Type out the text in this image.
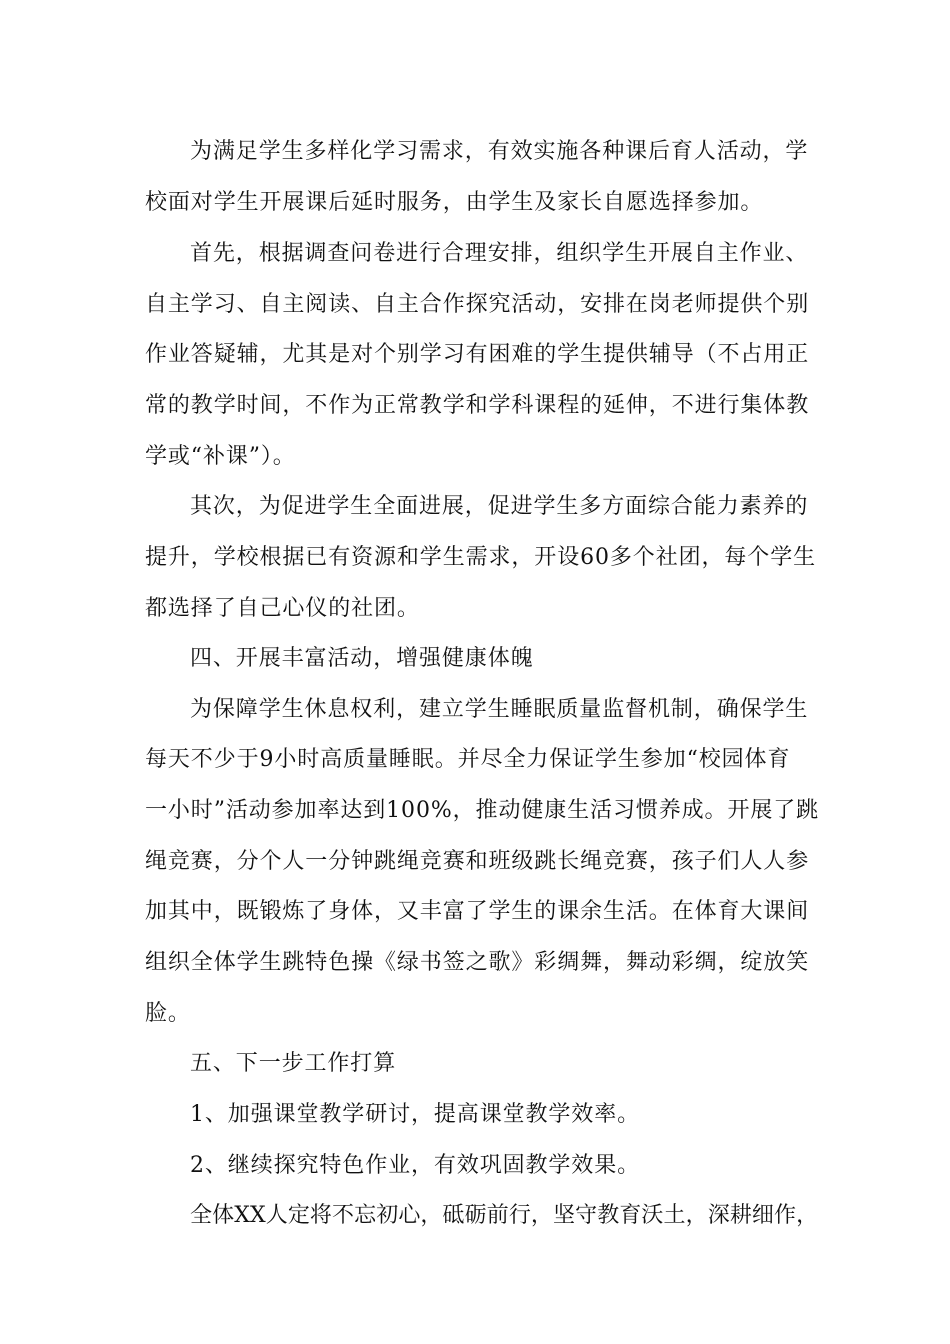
为满足学生多样化学习需求，有效实施各种课后育人活动，学
校面对学生开展课后延时服务，由学生及家长自愿选择参加。
首先，根据调查问卷进行合理安排，组织学生开展自主作业、
自主学习、自主阅读、自主合作探究活动，安排在岗老师提供个别
作业答疑辅，尤其是对个别学习有困难的学生提供辅导（不占用正
常的教学时间，不作为正常教学和学科课程的延伸，不进行集体教
学或“补课”）。
其次，为促进学生全面进展，促进学生多方面综合能力素养的
提升，学校根据已有资源和学生需求，开设60多个社团，每个学生
都选择了自己心仪的社团。
四、开展丰富活动，增强健康体魄
为保障学生休息权利，建立学生睡眠质量监督机制，确保学生
每天不少于9小时高质量睡眠。并尽全力保证学生参加“校园体育
一小时”活动参加率达到100%，推动健康生活习惯养成。开展了跳
绳竞赛，分个人一分钟跳绳竞赛和班级跳长绳竞赛，孩子们人人参
加其中，既锻炼了身体，又丰富了学生的课余生活。在体育大课间
组织全体学生跳特色操《绿书签之歌》彩绸舞，舞动彩绸，绽放笑
脸。
五、下一步工作打算
1、加强课堂教学研讨，提高课堂教学效率。
2、继续探究特色作业，有效巩固教学效果。
全体XX人定将不忘初心，砥砺前行，坚守教育沃土，深耕细作，
